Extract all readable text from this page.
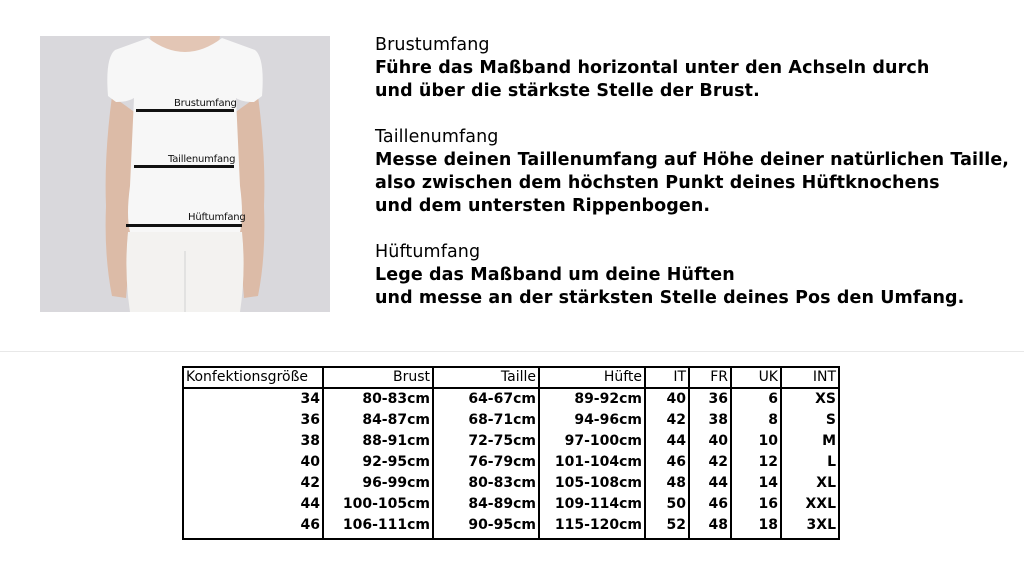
Brustumfang
Taillenumfang
Hüftumfang
Brustumfang
Führe das Maßband horizontal unter den Achseln durch
und über die stärkste Stelle der Brust.
Taillenumfang
Messe deinen Taillenumfang auf Höhe deiner natürlichen Taille,
also zwischen dem höchsten Punkt deines Hüftknochens
und dem untersten Rippenbogen.
Hüftumfang
Lege das Maßband um deine Hüften
und messe an der stärksten Stelle deines Pos den Umfang.
Konfektionsgröße	Brust	Taille	Hüfte	IT	FR	UK	INT
34	80-83cm	64-67cm	89-92cm	40	36	6	XS
36	84-87cm	68-71cm	94-96cm	42	38	8	S
38	88-91cm	72-75cm	97-100cm	44	40	10	M
40	92-95cm	76-79cm	101-104cm	46	42	12	L
42	96-99cm	80-83cm	105-108cm	48	44	14	XL
44	100-105cm	84-89cm	109-114cm	50	46	16	XXL
46	106-111cm	90-95cm	115-120cm	52	48	18	3XL
